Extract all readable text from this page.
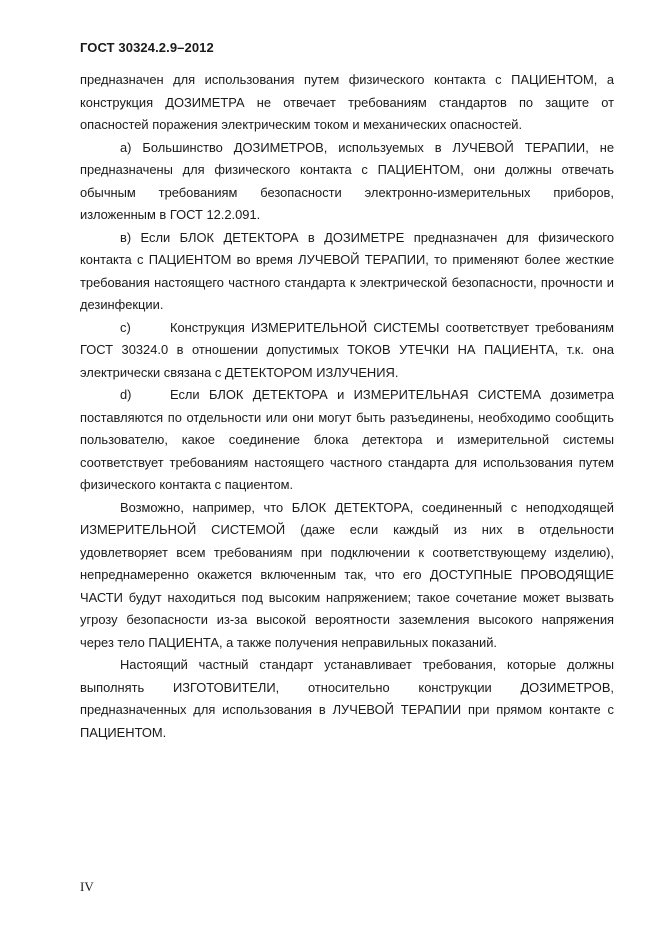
ГОСТ 30324.2.9–2012

предназначен для использования путем физического контакта с ПАЦИЕНТОМ, а конструкция ДОЗИМЕТРА не отвечает требованиям стандартов по защите от опасностей поражения электрическим током и механических опасностей.

а) Большинство ДОЗИМЕТРОВ, используемых в ЛУЧЕВОЙ ТЕРАПИИ, не предназначены для физического контакта с ПАЦИЕНТОМ, они должны отвечать обычным требованиям безопасности электронно-измерительных приборов, изложенным в ГОСТ 12.2.091.

в) Если БЛОК ДЕТЕКТОРА в ДОЗИМЕТРЕ предназначен для физического контакта с ПАЦИЕНТОМ во время ЛУЧЕВОЙ ТЕРАПИИ, то применяют более жесткие требования настоящего частного стандарта к электрической безопасности, прочности и дезинфекции.

с)	Конструкция ИЗМЕРИТЕЛЬНОЙ СИСТЕМЫ соответствует требованиям ГОСТ 30324.0 в отношении допустимых ТОКОВ УТЕЧКИ НА ПАЦИЕНТА, т.к. она электрически связана с ДЕТЕКТОРОМ ИЗЛУЧЕНИЯ.

d)	Если БЛОК ДЕТЕКТОРА и ИЗМЕРИТЕЛЬНАЯ СИСТЕМА дозиметра поставляются по отдельности или они могут быть разъединены, необходимо сообщить пользователю, какое соединение блока детектора и измерительной системы соответствует требованиям настоящего частного стандарта для использования путем физического контакта с пациентом.

Возможно, например, что БЛОК ДЕТЕКТОРА, соединенный с неподходящей ИЗМЕРИТЕЛЬНОЙ СИСТЕМОЙ (даже если каждый из них в отдельности удовлетворяет всем требованиям при подключении к соответствующему изделию), непреднамеренно окажется включенным так, что его ДОСТУПНЫЕ ПРОВОДЯЩИЕ ЧАСТИ будут находиться под высоким напряжением; такое сочетание может вызвать угрозу безопасности из-за высокой вероятности заземления высокого напряжения через тело ПАЦИЕНТА, а также получения неправильных показаний.

Настоящий частный стандарт устанавливает требования, которые должны выполнять ИЗГОТОВИТЕЛИ, относительно конструкции ДОЗИМЕТРОВ, предназначенных для использования в ЛУЧЕВОЙ ТЕРАПИИ при прямом контакте с ПАЦИЕНТОМ.

IV
